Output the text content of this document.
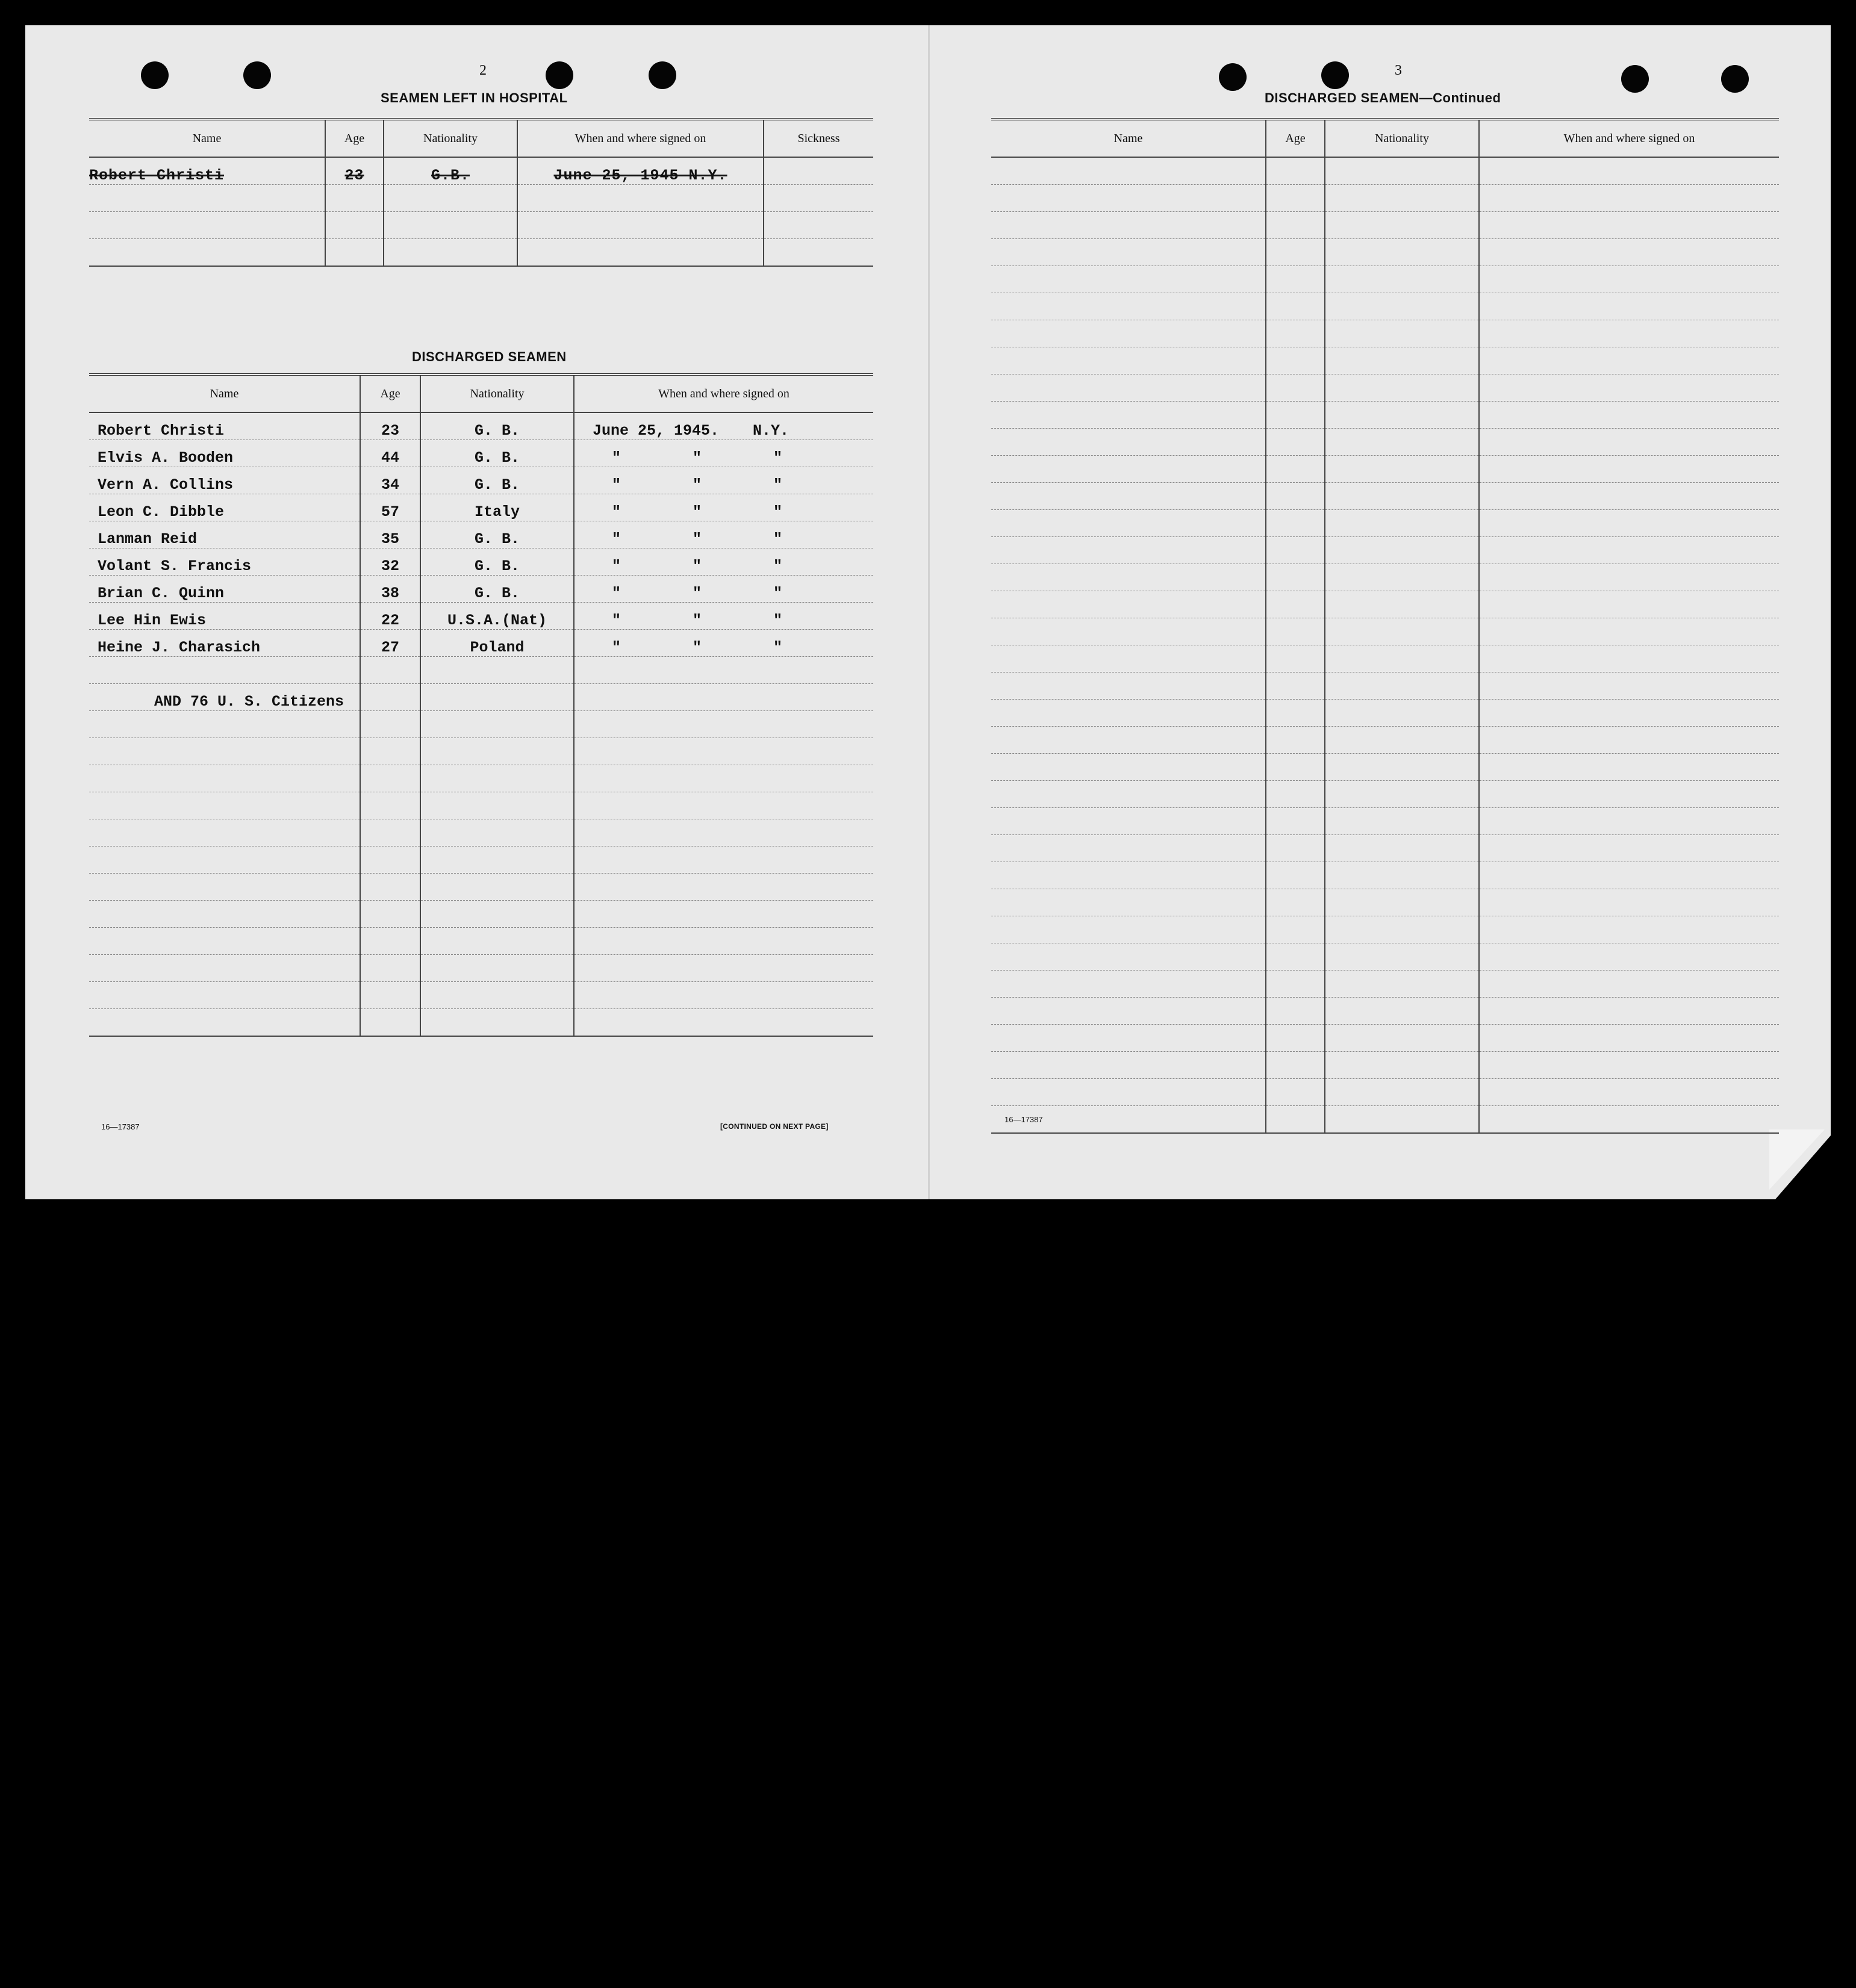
2
SEAMEN LEFT IN HOSPITAL
Name	Age	Nationality	When and where signed on	Sickness
Robert Christi	23	G.B.	June 25, 1945 N.Y.	

DISCHARGED SEAMEN
Name	Age	Nationality	When and where signed on
Robert Christi	23	G. B.	June 25, 1945. N.Y.
Elvis A. Booden	44	G. B.	" " "
Vern A. Collins	34	G. B.	" " "
Leon C. Dibble	57	Italy	" " "
Lanman Reid	35	G. B.	" " "
Volant S. Francis	32	G. B.	" " "
Brian C. Quinn	38	G. B.	" " "
Lee Hin Ewis	22	U.S.A.(Nat)	" " "
Heine J. Charasich	27	Poland	" " "

AND 76 U. S. Citizens			

16—17387	[CONTINUED ON NEXT PAGE]
3
DISCHARGED SEAMEN—Continued
Name	Age	Nationality	When and where signed on

16—17387
